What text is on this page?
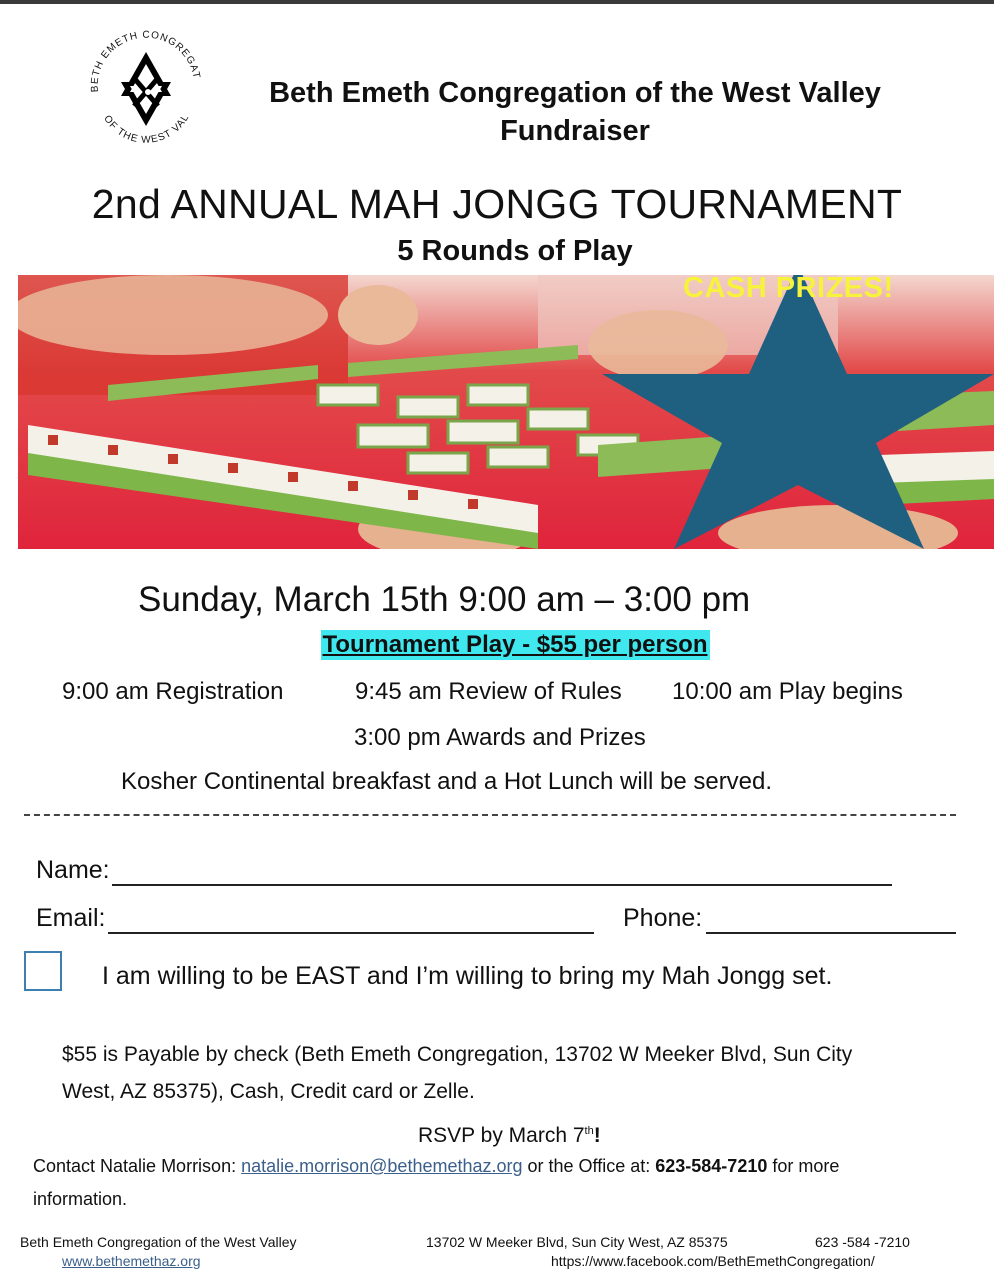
BETH EMETH CONGREGAT
OF THE WEST VAL
Beth Emeth Congregation of the West Valley
Fundraiser
2nd ANNUAL MAH JONGG TOURNAMENT
5 Rounds of Play
CASH PRIZES!
Sunday, March 15th 9:00 am – 3:00 pm
Tournament Play - $55 per person
9:00 am Registration	9:45 am Review of Rules 10:00 am Play begins
3:00 pm Awards and Prizes
Kosher Continental breakfast and a Hot Lunch will be served.
Name:
Email:	Phone:
I am willing to be EAST and I’m willing to bring my Mah Jongg set.
$55 is Payable by check (Beth Emeth Congregation, 13702 W Meeker Blvd, Sun City
West, AZ 85375), Cash, Credit card or Zelle.
RSVP by March 7th!
Contact Natalie Morrison: natalie.morrison@bethemethaz.org or the Office at: 623-584-7210 for more
information.
Beth Emeth Congregation of the West Valley
www.bethemethaz.org
13702 W Meeker Blvd, Sun City West, AZ 85375	623 -584 -7210
https://www.facebook.com/BethEmethCongregation/
